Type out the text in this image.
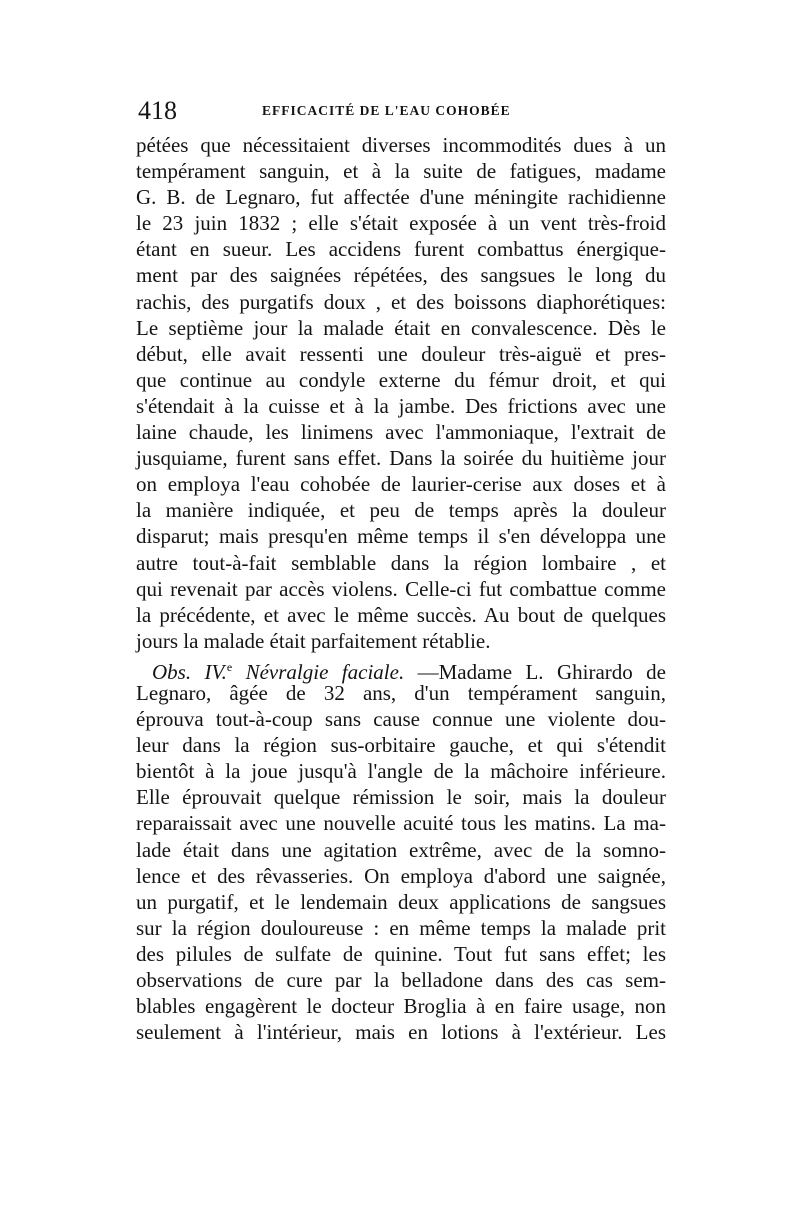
418	EFFICACITÉ DE L'EAU COHOBÉE
pétées que nécessitaient diverses incommodités dues à un
tempérament sanguin, et à la suite de fatigues, madame
G. B. de Legnaro, fut affectée d'une méningite rachidienne
le 23 juin 1832 ; elle s'était exposée à un vent très-froid
étant en sueur. Les accidens furent combattus énergique-
ment par des saignées répétées, des sangsues le long du
rachis, des purgatifs doux , et des boissons diaphorétiques:
Le septième jour la malade était en convalescence. Dès le
début, elle avait ressenti une douleur très-aiguë et pres-
que continue au condyle externe du fémur droit, et qui
s'étendait à la cuisse et à la jambe. Des frictions avec une
laine chaude, les linimens avec l'ammoniaque, l'extrait de
jusquiame, furent sans effet. Dans la soirée du huitième jour
on employa l'eau cohobée de laurier-cerise aux doses et à
la manière indiquée, et peu de temps après la douleur
disparut; mais presqu'en même temps il s'en développa une
autre tout-à-fait semblable dans la région lombaire , et
qui revenait par accès violens. Celle-ci fut combattue comme
la précédente, et avec le même succès. Au bout de quelques
jours la malade était parfaitement rétablie.
Obs. IV.$^e$ Névralgie faciale. —Madame L. Ghirardo de
Legnaro, âgée de 32 ans, d'un tempérament sanguin,
éprouva tout-à-coup sans cause connue une violente dou-
leur dans la région sus-orbitaire gauche, et qui s'étendit
bientôt à la joue jusqu'à l'angle de la mâchoire inférieure.
Elle éprouvait quelque rémission le soir, mais la douleur
reparaissait avec une nouvelle acuité tous les matins. La ma-
lade était dans une agitation extrême, avec de la somno-
lence et des rêvasseries. On employa d'abord une saignée,
un purgatif, et le lendemain deux applications de sangsues
sur la région douloureuse : en même temps la malade prit
des pilules de sulfate de quinine. Tout fut sans effet; les
observations de cure par la belladone dans des cas sem-
blables engagèrent le docteur Broglia à en faire usage, non
seulement à l'intérieur, mais en lotions à l'extérieur. Les
